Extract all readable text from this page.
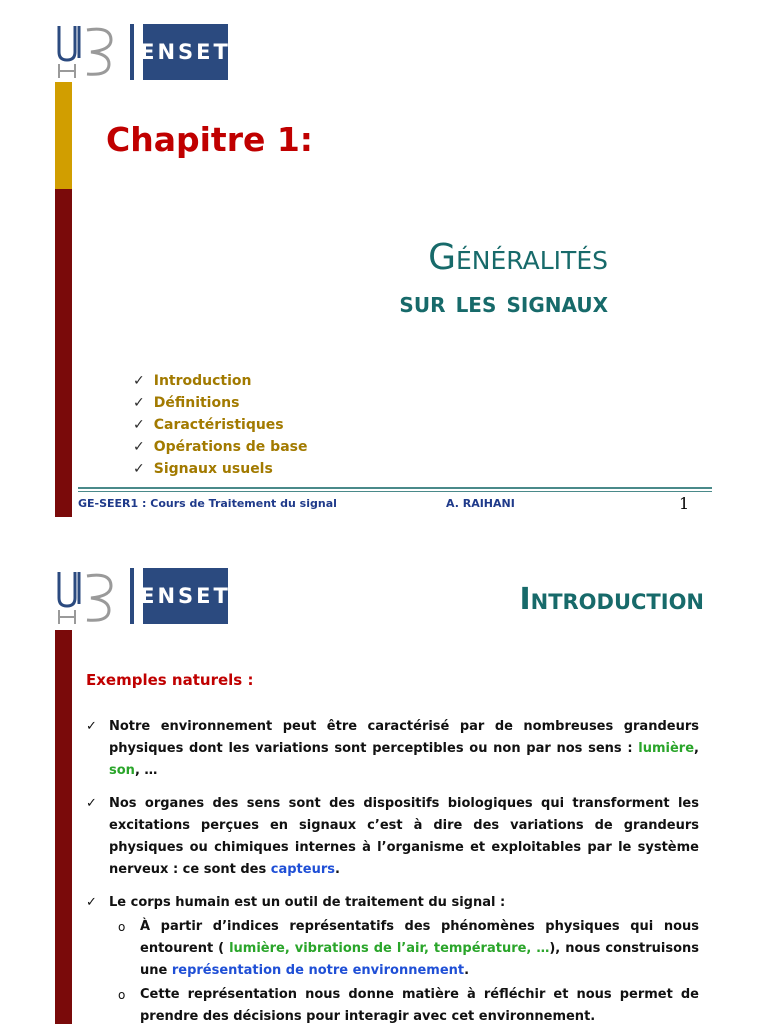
ENSET
Chapitre 1:
Généralités
sur les signaux
✓ Introduction
✓ Définitions
✓ Caractéristiques
✓ Opérations de base
✓ Signaux usuels
GE-SEER1 : Cours de Traitement du signal	A. RAIHANI	1
ENSET	Introduction
Exemples naturels :
✓ Notre environnement peut être caractérisé par de nombreuses grandeurs physiques dont les variations sont perceptibles ou non par nos sens : lumière, son, …
✓ Nos organes des sens sont des dispositifs biologiques qui transforment les excitations perçues en signaux c’est à dire des variations de grandeurs physiques ou chimiques internes à l’organisme et exploitables par le système nerveux : ce sont des capteurs.
✓ Le corps humain est un outil de traitement du signal :
o À partir d’indices représentatifs des phénomènes physiques qui nous entourent ( lumière, vibrations de l’air, température, …), nous construisons une représentation de notre environnement.
o Cette représentation nous donne matière à réfléchir et nous permet de prendre des décisions pour interagir avec cet environnement.
